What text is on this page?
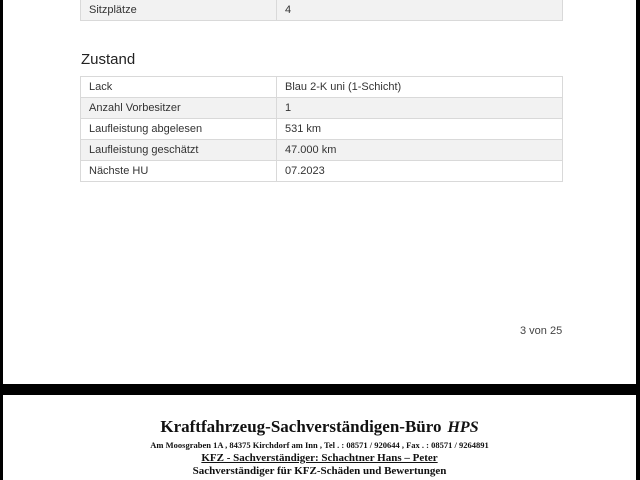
Sitzplätze	4
Zustand
Lack	Blau 2-K uni (1-Schicht)
Anzahl Vorbesitzer	1
Laufleistung abgelesen	531 km
Laufleistung geschätzt	47.000 km
Nächste HU	07.2023
3 von 25
Kraftfahrzeug-Sachverständigen-Büro HPS
Am Moosgraben 1A , 84375 Kirchdorf am Inn , Tel . : 08571 / 920644 , Fax . : 08571 / 9264891
KFZ - Sachverständiger: Schachtner Hans – Peter
Sachverständiger für KFZ-Schäden und Bewertungen
